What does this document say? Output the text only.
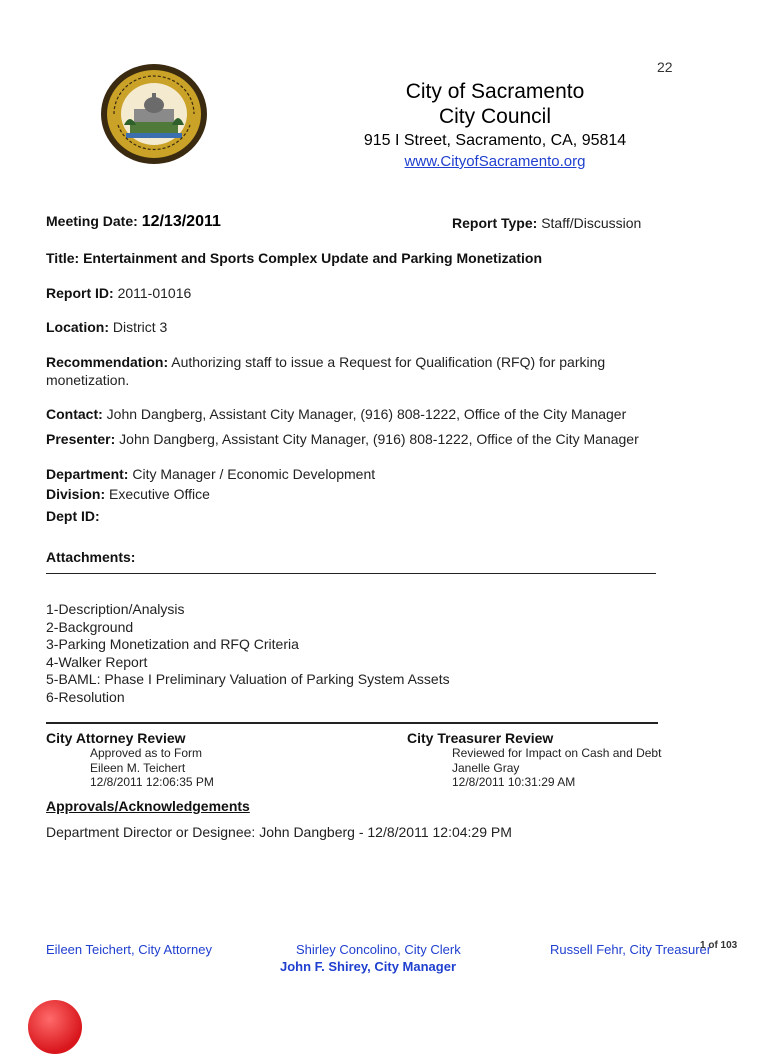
22
City of Sacramento
City Council
915 I Street, Sacramento, CA, 95814
www.CityofSacramento.org
Meeting Date: 12/13/2011	Report Type: Staff/Discussion
Title: Entertainment and Sports Complex Update and Parking Monetization
Report ID: 2011-01016
Location: District 3
Recommendation: Authorizing staff to issue a Request for Qualification (RFQ) for parking
monetization.
Contact: John Dangberg, Assistant City Manager, (916) 808-1222, Office of the City Manager
Presenter: John Dangberg, Assistant City Manager, (916) 808-1222, Office of the City Manager
Department: City Manager / Economic Development
Division: Executive Office
Dept ID:
Attachments:
1-Description/Analysis
2-Background
3-Parking Monetization and RFQ Criteria
4-Walker Report
5-BAML: Phase I Preliminary Valuation of Parking System Assets
6-Resolution
City Attorney Review
Approved as to Form
Eileen M. Teichert
12/8/2011 12:06:35 PM
City Treasurer Review
Reviewed for Impact on Cash and Debt
Janelle Gray
12/8/2011 10:31:29 AM
Approvals/Acknowledgements
Department Director or Designee: John Dangberg - 12/8/2011 12:04:29 PM
Eileen Teichert, City Attorney	Shirley Concolino, City Clerk	Russell Fehr, City Treasurer
1 of 103
John F. Shirey, City Manager
